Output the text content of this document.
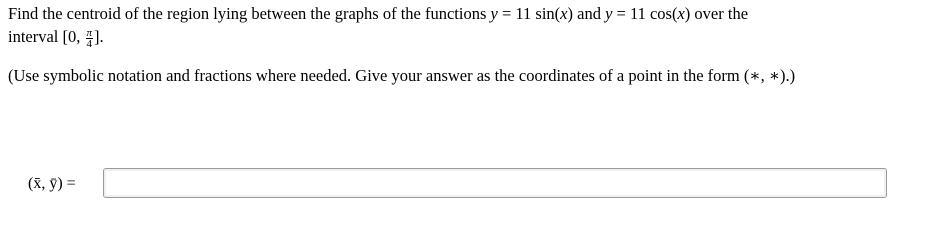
Find the centroid of the region lying between the graphs of the functions y = 11 sin(x) and y = 11 cos(x) over the

interval [0, $\frac{\pi}{4}$ ].

(Use symbolic notation and fractions where needed. Give your answer as the coordinates of a point in the form (∗, ∗).)

(x̄, ȳ) =
